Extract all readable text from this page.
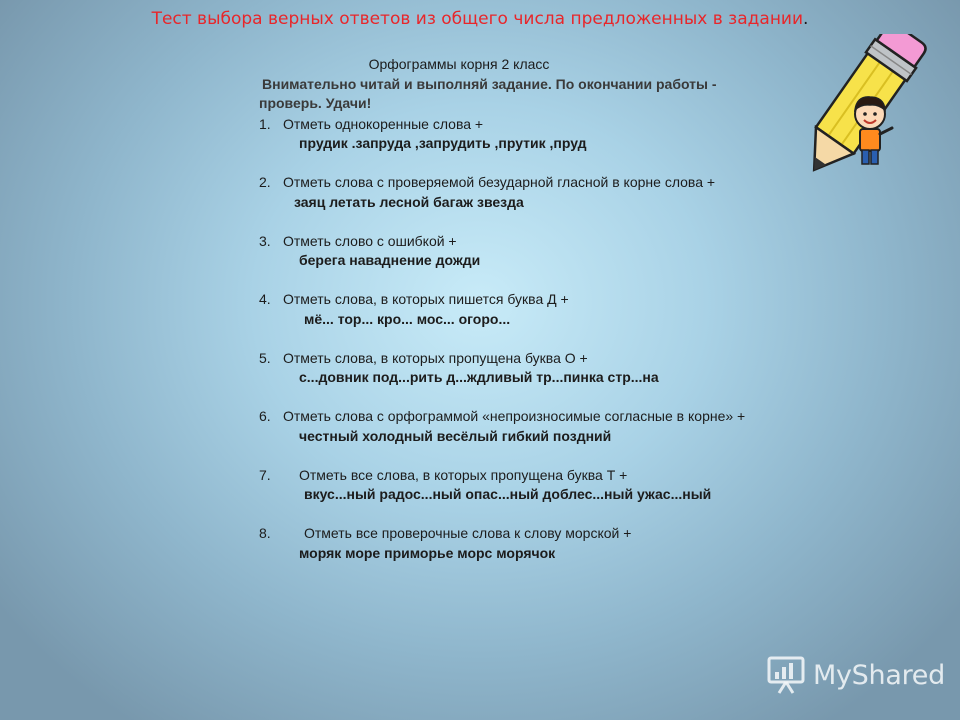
Тест выбора верных ответов из общего числа предложенных в задании.

Орфограммы корня 2 класс

Внимательно читай и выполняй задание. По окончании работы - проверь. Удачи!

1. Отметь однокоренные слова +
прудик .запруда ,запрудить ,прутик ,пруд
2. Отметь слова с проверяемой безударной гласной в корне слова +
заяц летать лесной багаж звезда
3. Отметь слово с ошибкой +
берега наваднение дожди
4. Отметь слова, в которых пишется буква Д +
мё... тор... кро... мос... огоро...
5. Отметь слова, в которых пропущена буква О +
с...довник под...рить д...ждливый тр...пинка стр...на
6. Отметь слова с орфограммой «непроизносимые согласные в корне» +
честный холодный весёлый гибкий поздний
7.	Отметь все слова, в которых пропущена буква Т +
вкус...ный радос...ный опас...ный доблес...ный ужас...ный
8.	Отметь все проверочные слова к слову морской +
моряк море приморье морс морячок
MyShared
